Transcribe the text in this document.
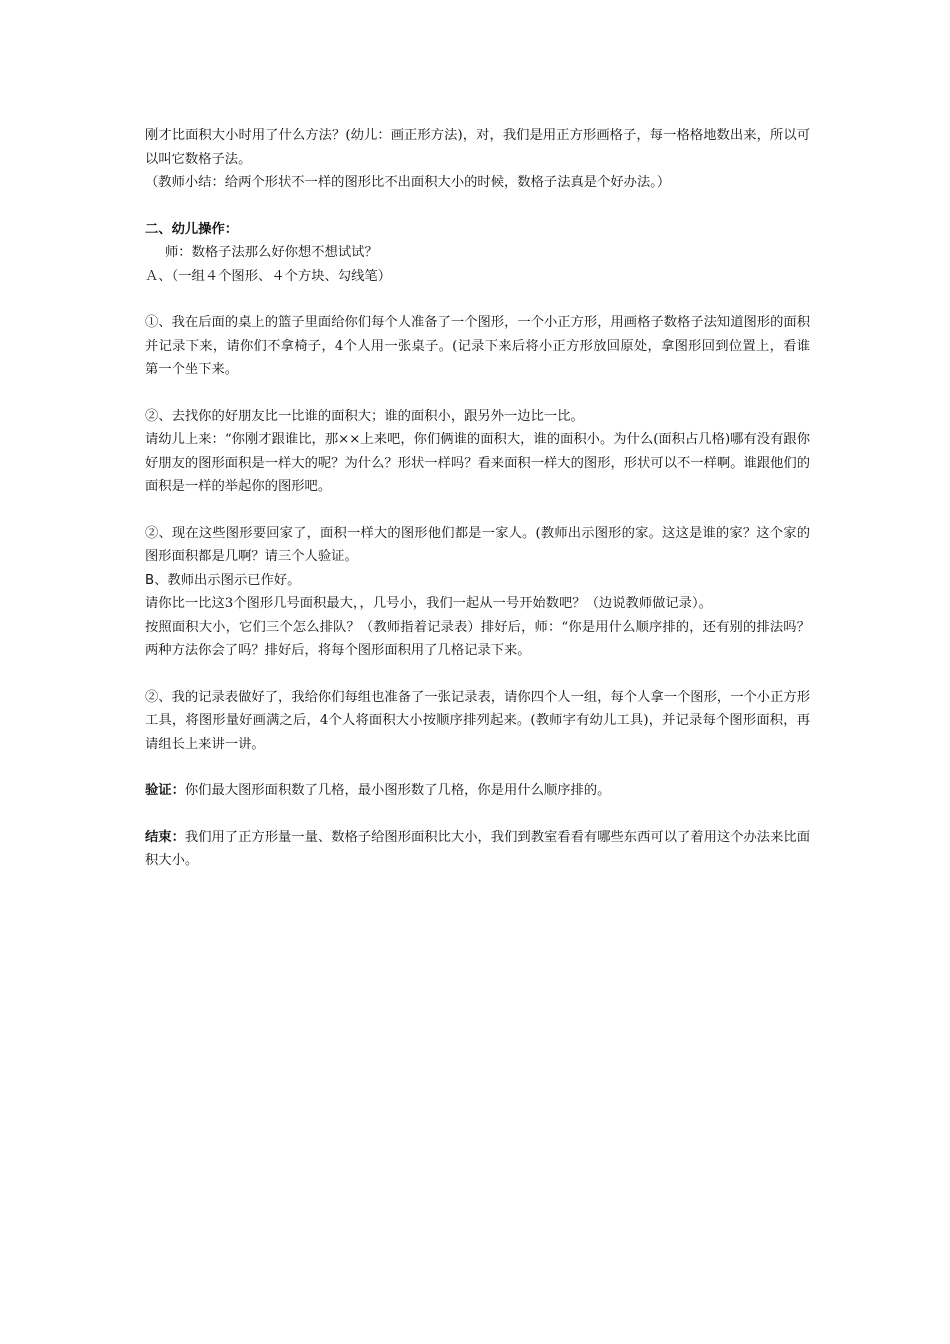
刚才比面积大小时用了什么方法？(幼儿：画正形方法)，对，我们是用正方形画格子，每一格格地数出来，所以可以叫它数格子法。

（教师小结：给两个形状不一样的图形比不出面积大小的时候，数格子法真是个好办法。）

二、幼儿操作：

师：数格子法那么好你想不想试试？

Ａ、（一组４个图形、４个方块、勾线笔）

①、我在后面的桌上的篮子里面给你们每个人准备了一个图形，一个小正方形，用画格子数格子法知道图形的面积并记录下来，请你们不拿椅子，4个人用一张桌子。(记录下来后将小正方形放回原处，拿图形回到位置上，看谁第一个坐下来。

②、去找你的好朋友比一比谁的面积大；谁的面积小，跟另外一边比一比。

请幼儿上来：“你刚才跟谁比，那××上来吧，你们俩谁的面积大，谁的面积小。为什么(面积占几格)哪有没有跟你好朋友的图形面积是一样大的呢？为什么？形状一样吗？看来面积一样大的图形，形状可以不一样啊。谁跟他们的面积是一样的举起你的图形吧。

②、现在这些图形要回家了，面积一样大的图形他们都是一家人。(教师出示图形的家。这这是谁的家？这个家的图形面积都是几啊？请三个人验证。

B、教师出示图示已作好。

请你比一比这3个图形几号面积最大，，几号小，我们一起从一号开始数吧？（边说教师做记录）。

按照面积大小，它们三个怎么排队？（教师指着记录表）排好后，师：“你是用什么顺序排的，还有别的排法吗？两种方法你会了吗？排好后，将每个图形面积用了几格记录下来。

②、我的记录表做好了，我给你们每组也准备了一张记录表，请你四个人一组，每个人拿一个图形，一个小正方形工具，将图形量好画满之后，4个人将面积大小按顺序排列起来。(教师字有幼儿工具)，并记录每个图形面积，再请组长上来讲一讲。

验证：你们最大图形面积数了几格，最小图形数了几格，你是用什么顺序排的。

结束：我们用了正方形量一量、数格子给图形面积比大小，我们到教室看看有哪些东西可以了着用这个办法来比面积大小。
